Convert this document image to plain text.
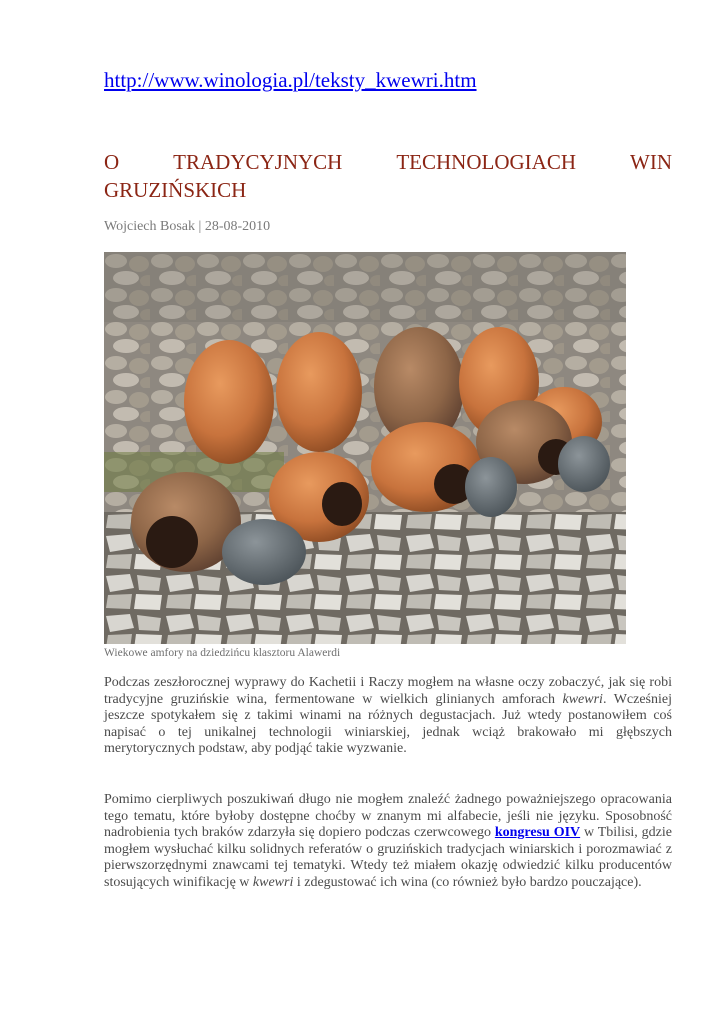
http://www.winologia.pl/teksty_kwewri.htm
O	TRADYCYJNYCH	TECHNOLOGIACH	WIN
GRUZIŃSKICH
Wojciech Bosak | 28-08-2010
Wiekowe amfory na dziedzińcu klasztoru Alawerdi

Podczas zeszłorocznej wyprawy do Kachetii i Raczy mogłem na własne oczy zobaczyć, jak się robi tradycyjne gruzińskie wina, fermentowane w wielkich glinianych amforach kwewri. Wcześniej jeszcze spotykałem się z takimi winami na różnych degustacjach. Już wtedy postanowiłem coś napisać o tej unikalnej technologii winiarskiej, jednak wciąż brakowało mi głębszych merytorycznych podstaw, aby podjąć takie wyzwanie.

Pomimo cierpliwych poszukiwań długo nie mogłem znaleźć żadnego poważniejszego opracowania tego tematu, które byłoby dostępne choćby w znanym mi alfabecie, jeśli nie języku. Sposobność nadrobienia tych braków zdarzyła się dopiero podczas czerwcowego kongresu OIV w Tbilisi, gdzie mogłem wysłuchać kilku solidnych referatów o gruzińskich tradycjach winiarskich i porozmawiać z pierwszorzędnymi znawcami tej tematyki. Wtedy też miałem okazję odwiedzić kilku producentów stosujących winifikację w kwewri i zdegustować ich wina (co również było bardzo pouczające).
